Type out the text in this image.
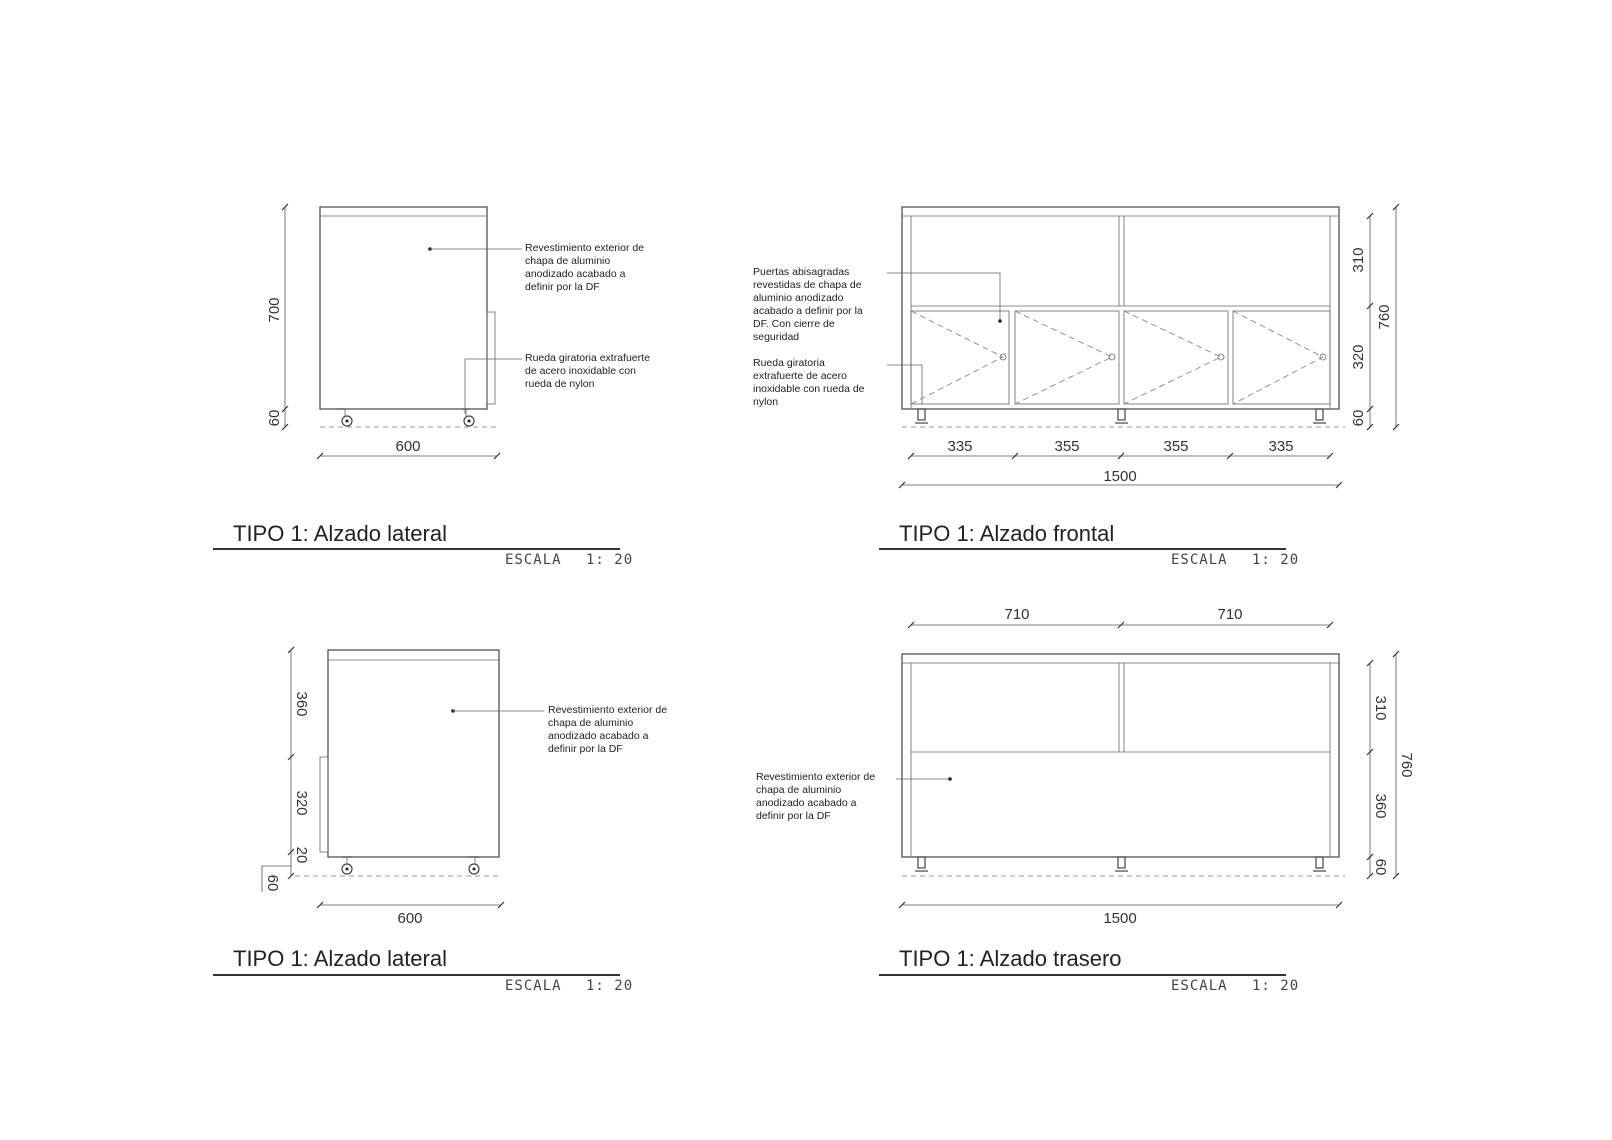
700
60
600
Revestimiento exterior de chapa de aluminio anodizado acabado a definir por la DF
Rueda giratoria extrafuerte de acero inoxidable con rueda de nylon
TIPO 1: Alzado lateral
ESCALA 1: 20
310
320
60
760
335	355	355	335
1500
Puertas abisagradas revestidas de chapa de aluminio anodizado acabado a definir por la DF. Con cierre de seguridad
Rueda giratoria extrafuerte de acero inoxidable con rueda de nylon
TIPO 1: Alzado frontal
ESCALA 1: 20
360
320
20
60
600
Revestimiento exterior de chapa de aluminio anodizado acabado a definir por la DF
TIPO 1: Alzado lateral
ESCALA 1: 20
710	710
310
360
60
760
1500
Revestimiento exterior de chapa de aluminio anodizado acabado a definir por la DF
TIPO 1: Alzado trasero
ESCALA 1: 20
